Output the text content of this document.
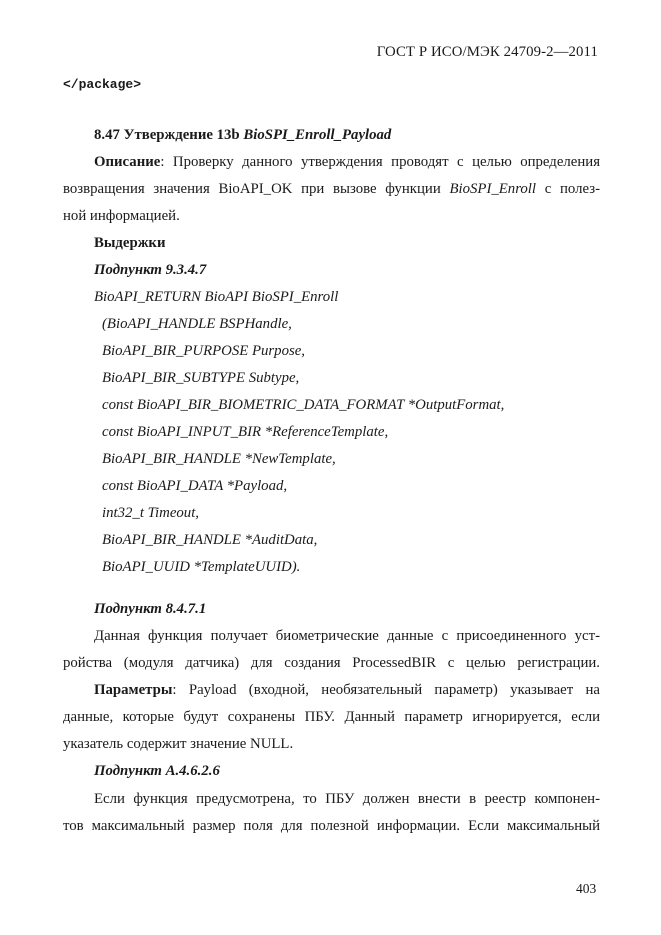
ГОСТ Р ИСО/МЭК 24709-2—2011
</package>
8.47 Утверждение 13b BioSPI_Enroll_Payload
Описание: Проверку данного утверждения проводят с целью определения
возвращения значения BioAPI_OK при вызове функции BioSPI_Enroll с полез-
ной информацией.
Выдержки
Подпункт 9.3.4.7
BioAPI_RETURN BioAPI BioSPI_Enroll
(BioAPI_HANDLE BSPHandle,
BioAPI_BIR_PURPOSE Purpose,
BioAPI_BIR_SUBTYPE Subtype,
const BioAPI_BIR_BIOMETRIC_DATA_FORMAT *OutputFormat,
const BioAPI_INPUT_BIR *ReferenceTemplate,
BioAPI_BIR_HANDLE *NewTemplate,
const BioAPI_DATA *Payload,
int32_t Timeout,
BioAPI_BIR_HANDLE *AuditData,
BioAPI_UUID *TemplateUUID).
Подпункт 8.4.7.1
Данная функция получает биометрические данные с присоединенного уст-
ройства (модуля датчика) для создания ProcessedBIR с целью регистрации.
Параметры: Payload (входной, необязательный параметр) указывает на
данные, которые будут сохранены ПБУ. Данный параметр игнорируется, если
указатель содержит значение NULL.
Подпункт А.4.6.2.6
Если функция предусмотрена, то ПБУ должен внести в реестр компонен-
тов максимальный размер поля для полезной информации. Если максимальный
403
